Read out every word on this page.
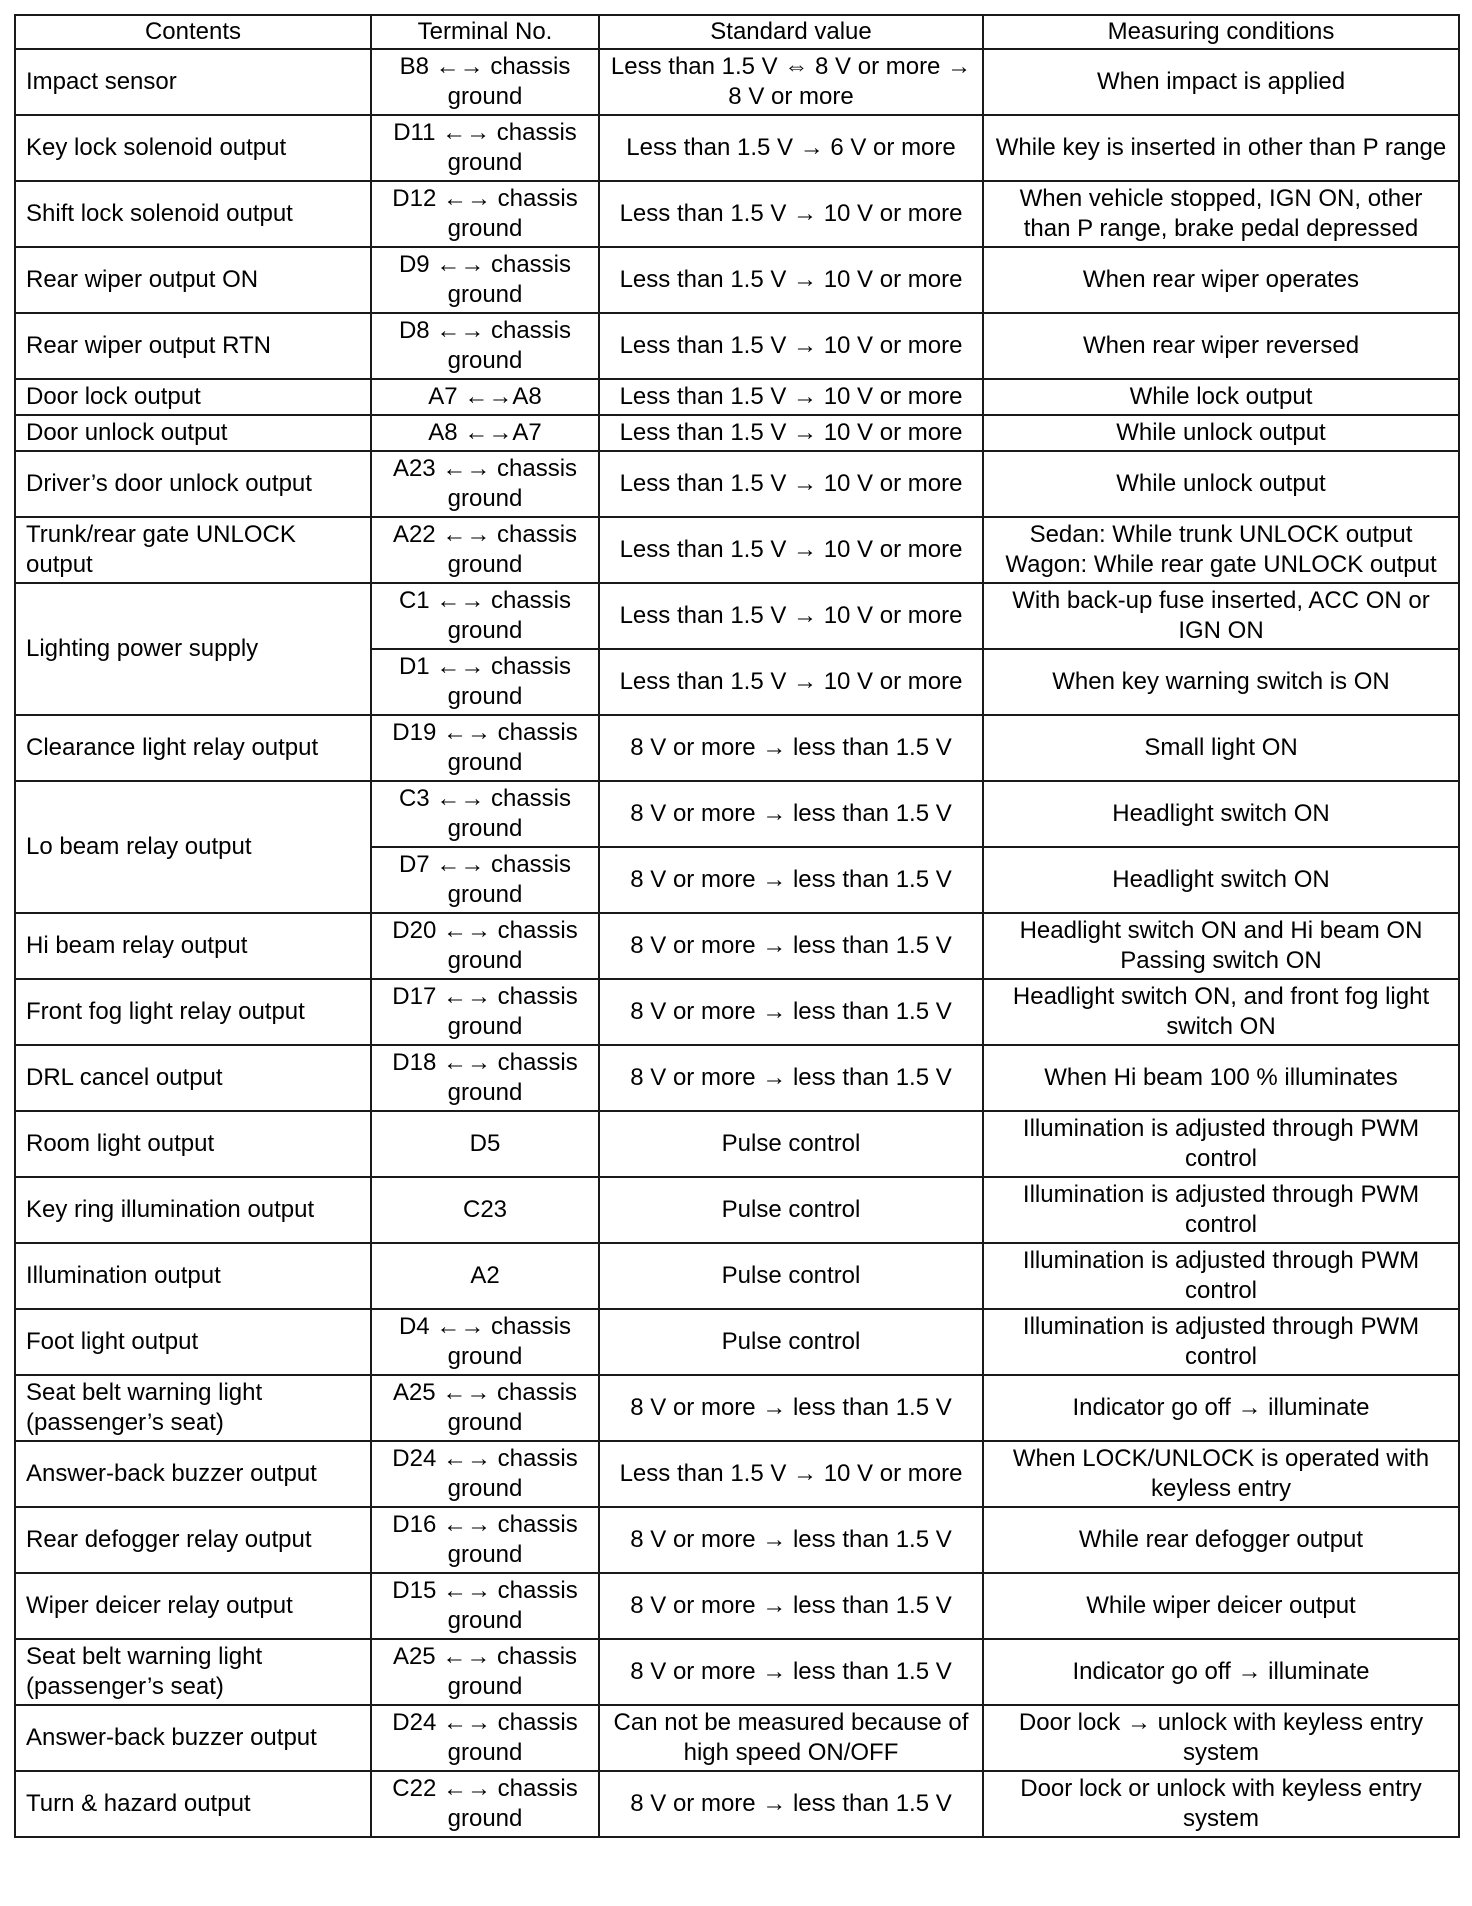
Contents	Terminal No.	Standard value	Measuring conditions
Impact sensor	B8 ←→ chassis ground	Less than 1.5 V ⇔ 8 V or more → 8 V or more	When impact is applied
Key lock solenoid output	D11 ←→ chassis ground	Less than 1.5 V → 6 V or more	While key is inserted in other than P range
Shift lock solenoid output	D12 ←→ chassis ground	Less than 1.5 V → 10 V or more	When vehicle stopped, IGN ON, other than P range, brake pedal depressed
Rear wiper output ON	D9 ←→ chassis ground	Less than 1.5 V → 10 V or more	When rear wiper operates
Rear wiper output RTN	D8 ←→ chassis ground	Less than 1.5 V → 10 V or more	When rear wiper reversed
Door lock output	A7 ←→A8	Less than 1.5 V → 10 V or more	While lock output
Door unlock output	A8 ←→A7	Less than 1.5 V → 10 V or more	While unlock output
Driver’s door unlock output	A23 ←→ chassis ground	Less than 1.5 V → 10 V or more	While unlock output
Trunk/rear gate UNLOCK output	A22 ←→ chassis ground	Less than 1.5 V → 10 V or more	Sedan: While trunk UNLOCK output Wagon: While rear gate UNLOCK output
Lighting power supply	C1 ←→ chassis ground	Less than 1.5 V → 10 V or more	With back-up fuse inserted, ACC ON or IGN ON
	D1 ←→ chassis ground	Less than 1.5 V → 10 V or more	When key warning switch is ON
Clearance light relay output	D19 ←→ chassis ground	8 V or more → less than 1.5 V	Small light ON
Lo beam relay output	C3 ←→ chassis ground	8 V or more → less than 1.5 V	Headlight switch ON
	D7 ←→ chassis ground	8 V or more → less than 1.5 V	Headlight switch ON
Hi beam relay output	D20 ←→ chassis ground	8 V or more → less than 1.5 V	Headlight switch ON and Hi beam ON Passing switch ON
Front fog light relay output	D17 ←→ chassis ground	8 V or more → less than 1.5 V	Headlight switch ON, and front fog light switch ON
DRL cancel output	D18 ←→ chassis ground	8 V or more → less than 1.5 V	When Hi beam 100 % illuminates
Room light output	D5	Pulse control	Illumination is adjusted through PWM control
Key ring illumination output	C23	Pulse control	Illumination is adjusted through PWM control
Illumination output	A2	Pulse control	Illumination is adjusted through PWM control
Foot light output	D4 ←→ chassis ground	Pulse control	Illumination is adjusted through PWM control
Seat belt warning light (passenger’s seat)	A25 ←→ chassis ground	8 V or more → less than 1.5 V	Indicator go off → illuminate
Answer-back buzzer output	D24 ←→ chassis ground	Less than 1.5 V → 10 V or more	When LOCK/UNLOCK is operated with keyless entry
Rear defogger relay output	D16 ←→ chassis ground	8 V or more → less than 1.5 V	While rear defogger output
Wiper deicer relay output	D15 ←→ chassis ground	8 V or more → less than 1.5 V	While wiper deicer output
Seat belt warning light (passenger’s seat)	A25 ←→ chassis ground	8 V or more → less than 1.5 V	Indicator go off → illuminate
Answer-back buzzer output	D24 ←→ chassis ground	Can not be measured because of high speed ON/OFF	Door lock → unlock with keyless entry system
Turn & hazard output	C22 ←→ chassis ground	8 V or more → less than 1.5 V	Door lock or unlock with keyless entry system
